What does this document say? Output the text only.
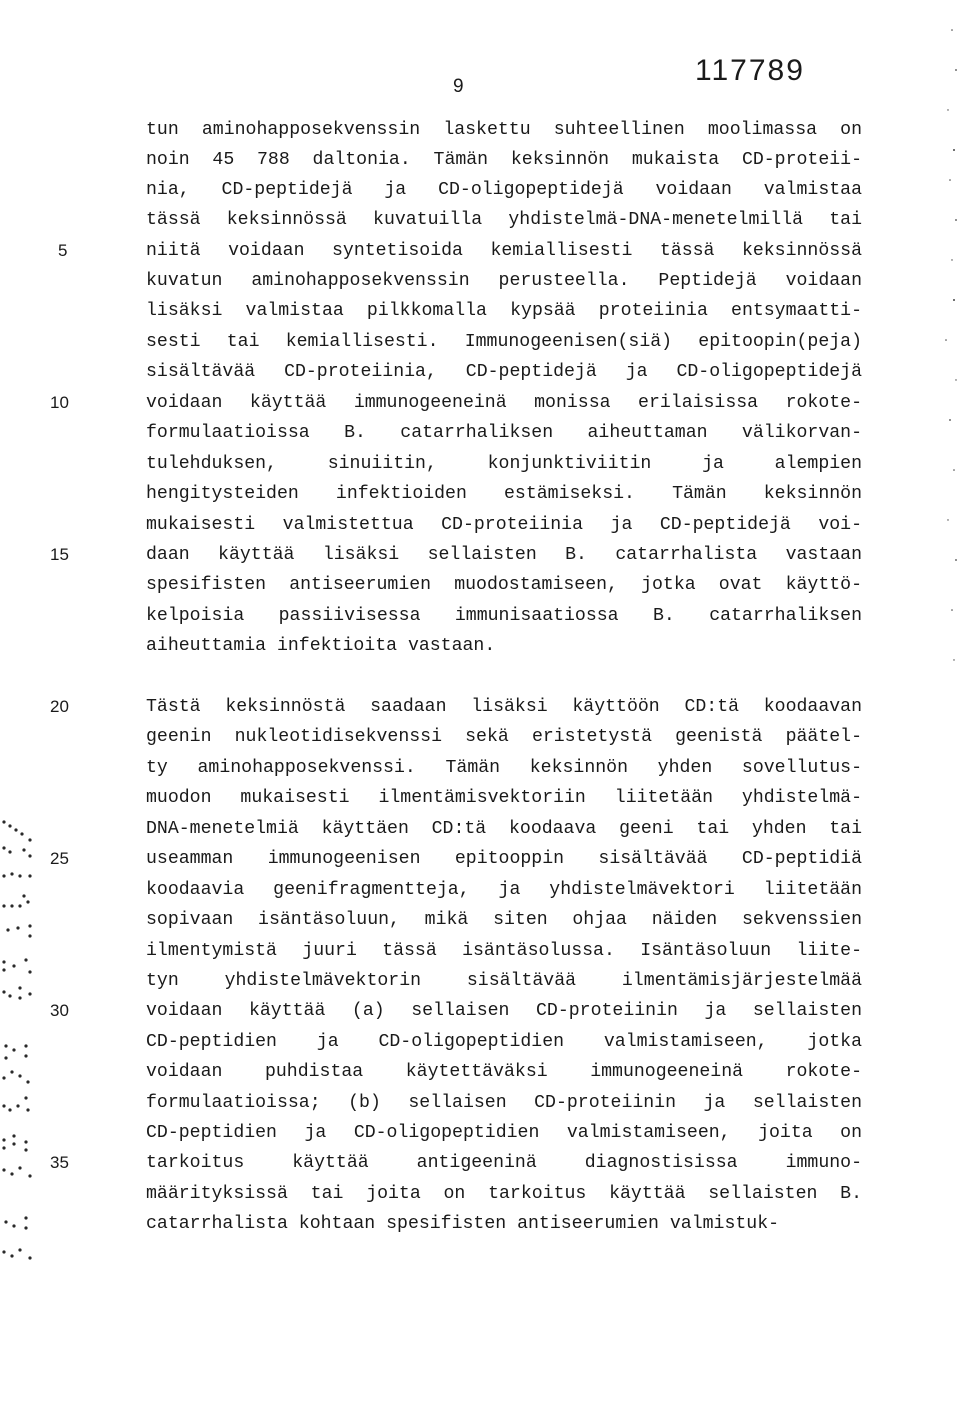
9	117789
tun aminohapposekvenssin laskettu suhteellinen moolimassa on
noin 45 788 daltonia. Tämän keksinnön mukaista CD-proteii-
nia, CD-peptidejä ja CD-oligopeptidejä voidaan valmistaa
tässä keksinnössä kuvatuilla yhdistelmä-DNA-menetelmillä tai
niitä voidaan syntetisoida kemiallisesti tässä keksinnössä
kuvatun aminohapposekvenssin perusteella. Peptidejä voidaan
lisäksi valmistaa pilkkomalla kypsää proteiinia entsymaatti-
sesti tai kemiallisesti. Immunogeenisen(siä) epitoopin(peja)
sisältävää CD-proteiinia, CD-peptidejä ja CD-oligopeptidejä
voidaan käyttää immunogeeneinä monissa erilaisissa rokote-
formulaatioissa B. catarrhaliksen aiheuttaman välikorvan-
tulehduksen, sinuiitin, konjunktiviitin ja alempien
hengitysteiden infektioiden estämiseksi. Tämän keksinnön
mukaisesti valmistettua CD-proteiinia ja CD-peptidejä voi-
daan käyttää lisäksi sellaisten B. catarrhalista vastaan
spesifisten antiseerumien muodostamiseen, jotka ovat käyttö-
kelpoisia passiivisessa immunisaatiossa B. catarrhaliksen
aiheuttamia infektioita vastaan.
Tästä keksinnöstä saadaan lisäksi käyttöön CD:tä koodaavan
geenin nukleotidisekvenssi sekä eristetystä geenistä päätel-
ty aminohapposekvenssi. Tämän keksinnön yhden sovellutus-
muodon mukaisesti ilmentämisvektoriin liitetään yhdistelmä-
DNA-menetelmiä käyttäen CD:tä koodaava geeni tai yhden tai
useamman immunogeenisen epitooppin sisältävää CD-peptidiä
koodaavia geenifragmentteja, ja yhdistelmävektori liitetään
sopivaan isäntäsoluun, mikä siten ohjaa näiden sekvenssien
ilmentymistä juuri tässä isäntäsolussa. Isäntäsoluun liite-
tyn yhdistelmävektorin sisältävää ilmentämisjärjestelmää
voidaan käyttää (a) sellaisen CD-proteiinin ja sellaisten
CD-peptidien ja CD-oligopeptidien valmistamiseen, jotka
voidaan puhdistaa käytettäväksi immunogeeneinä rokote-
formulaatioissa; (b) sellaisen CD-proteiinin ja sellaisten
CD-peptidien ja CD-oligopeptidien valmistamiseen, joita on
tarkoitus käyttää antigeeninä diagnostisissa immuno-
määrityksissä tai joita on tarkoitus käyttää sellaisten B.
catarrhalista kohtaan spesifisten antiseerumien valmistuk-
5
10
15
20
25
30
35
